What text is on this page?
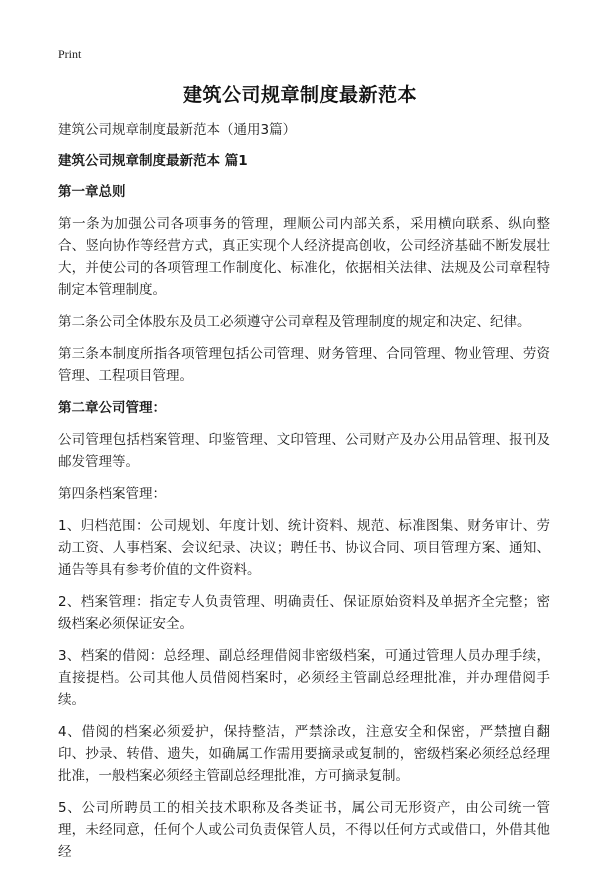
Print
建筑公司规章制度最新范本

建筑公司规章制度最新范本（通用3篇）

建筑公司规章制度最新范本 篇1

第一章总则

第一条为加强公司各项事务的管理，理顺公司内部关系，采用横向联系、纵向整合、竖向协作等经营方式，真正实现个人经济提高创收，公司经济基础不断发展壮大，并使公司的各项管理工作制度化、标准化，依据相关法律、法规及公司章程特制定本管理制度。

第二条公司全体股东及员工必须遵守公司章程及管理制度的规定和决定、纪律。

第三条本制度所指各项管理包括公司管理、财务管理、合同管理、物业管理、劳资管理、工程项目管理。

第二章公司管理：

公司管理包括档案管理、印鉴管理、文印管理、公司财产及办公用品管理、报刊及邮发管理等。

第四条档案管理：

1、归档范围：公司规划、年度计划、统计资料、规范、标准图集、财务审计、劳动工资、人事档案、会议纪录、决议；聘任书、协议合同、项目管理方案、通知、通告等具有参考价值的文件资料。

2、档案管理：指定专人负责管理、明确责任、保证原始资料及单据齐全完整；密级档案必须保证安全。

3、档案的借阅：总经理、副总经理借阅非密级档案，可通过管理人员办理手续，直接提档。公司其他人员借阅档案时，必须经主管副总经理批准，并办理借阅手续。

4、借阅的档案必须爱护，保持整洁，严禁涂改，注意安全和保密，严禁擅自翻印、抄录、转借、遗失，如确属工作需用要摘录或复制的，密级档案必须经总经理批准，一般档案必须经主管副总经理批准，方可摘录复制。

5、公司所聘员工的相关技术职称及各类证书，属公司无形资产，由公司统一管理，未经同意，任何个人或公司负责保管人员，不得以任何方式或借口，外借其他经
